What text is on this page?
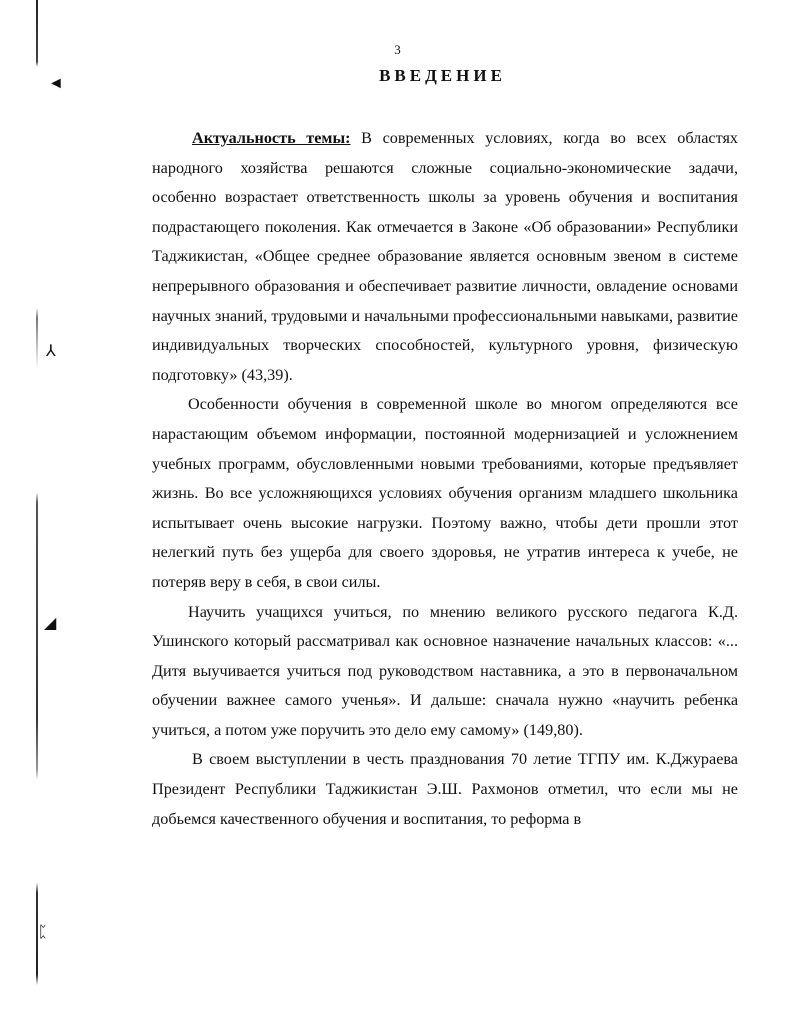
◄
⅄
◢
ᛈ
3
ВВЕДЕНИЕ

Актуальность темы: В современных условиях, когда во всех областях народного хозяйства решаются сложные социально-экономические задачи, особенно возрастает ответственность школы за уровень обучения и воспитания подрастающего поколения. Как отмечается в Законе «Об образовании» Республики Таджикистан, «Общее среднее образование является основным звеном в системе непрерывного образования и обеспечивает развитие личности, овладение основами научных знаний, трудовыми и начальными профессиональными навыками, развитие индивидуальных творческих способностей, культурного уровня, физическую подготовку» (43,39).

Особенности обучения в современной школе во многом определяются все нарастающим объемом информации, постоянной модернизацией и усложнением учебных программ, обусловленными новыми требованиями, которые предъявляет жизнь. Во все усложняющихся условиях обучения организм младшего школьника испытывает очень высокие нагрузки. Поэтому важно, чтобы дети прошли этот нелегкий путь без ущерба для своего здоровья, не утратив интереса к учебе, не потеряв веру в себя, в свои силы.

Научить учащихся учиться, по мнению великого русского педагога К.Д. Ушинского который рассматривал как основное назначение начальных классов: «... Дитя выучивается учиться под руководством наставника, а это в первоначальном обучении важнее самого ученья». И дальше: сначала нужно «научить ребенка учиться, а потом уже поручить это дело ему самому» (149,80).

В своем выступлении в честь празднования 70 летие ТГПУ им. К.Джураева Президент Республики Таджикистан Э.Ш. Рахмонов отметил, что если мы не добьемся качественного обучения и воспитания, то реформа в
